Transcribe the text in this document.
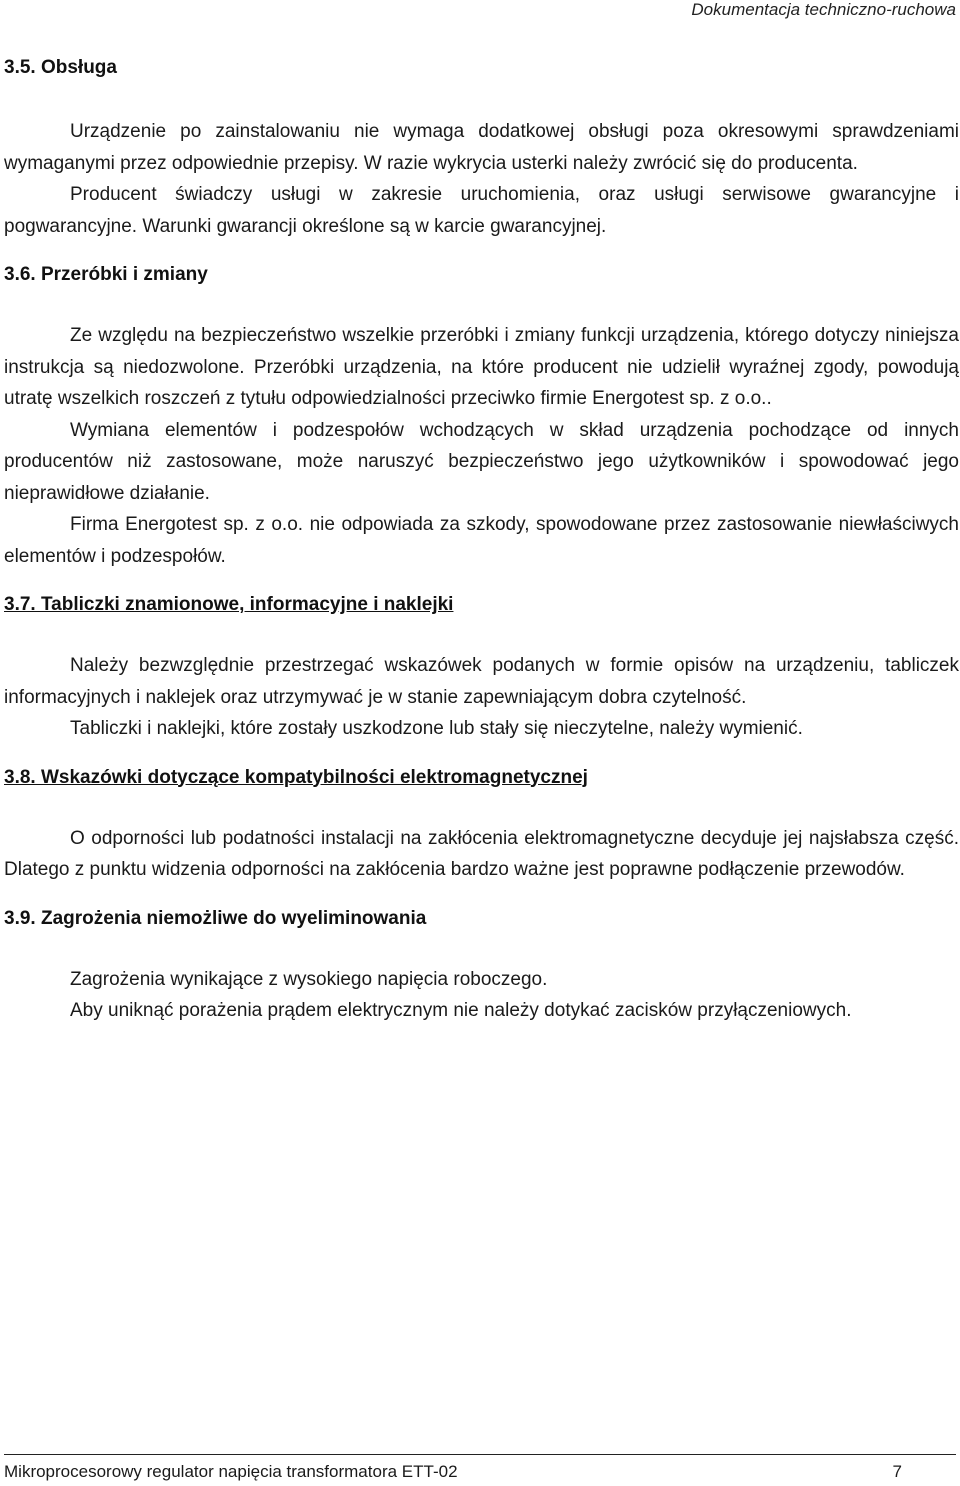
Dokumentacja techniczno-ruchowa
3.5. Obsługa

Urządzenie po zainstalowaniu nie wymaga dodatkowej obsługi poza okresowymi sprawdzeniami wymaganymi przez odpowiednie przepisy. W razie wykrycia usterki należy zwrócić się do producenta.

Producent świadczy usługi w zakresie uruchomienia, oraz usługi serwisowe gwarancyjne i pogwarancyjne. Warunki gwarancji określone są w karcie gwarancyjnej.

3.6. Przeróbki i zmiany

Ze względu na bezpieczeństwo wszelkie przeróbki i zmiany funkcji urządzenia, którego dotyczy niniejsza instrukcja są niedozwolone. Przeróbki urządzenia, na które producent nie udzielił wyraźnej zgody, powodują utratę wszelkich roszczeń z tytułu odpowiedzialności przeciwko firmie Energotest sp. z o.o..

Wymiana elementów i podzespołów wchodzących w skład urządzenia pochodzące od innych producentów niż zastosowane, może naruszyć bezpieczeństwo jego użytkowników i spowodować jego nieprawidłowe działanie.

Firma Energotest sp. z o.o. nie odpowiada za szkody, spowodowane przez zastosowanie niewłaściwych elementów i podzespołów.

3.7. Tabliczki znamionowe, informacyjne i naklejki

Należy bezwzględnie przestrzegać wskazówek podanych w formie opisów na urządzeniu, tabliczek informacyjnych i naklejek oraz utrzymywać je w stanie zapewniającym dobra czytelność.

Tabliczki i naklejki, które zostały uszkodzone lub stały się nieczytelne, należy wymienić.

3.8. Wskazówki dotyczące kompatybilności elektromagnetycznej

O odporności lub podatności instalacji na zakłócenia elektromagnetyczne decyduje jej najsłabsza część. Dlatego z punktu widzenia odporności na zakłócenia bardzo ważne jest poprawne podłączenie przewodów.

3.9. Zagrożenia niemożliwe do wyeliminowania

Zagrożenia wynikające z wysokiego napięcia roboczego.

Aby uniknąć porażenia prądem elektrycznym nie należy dotykać zacisków przyłączeniowych.

Mikroprocesorowy regulator napięcia transformatora ETT-02	7
